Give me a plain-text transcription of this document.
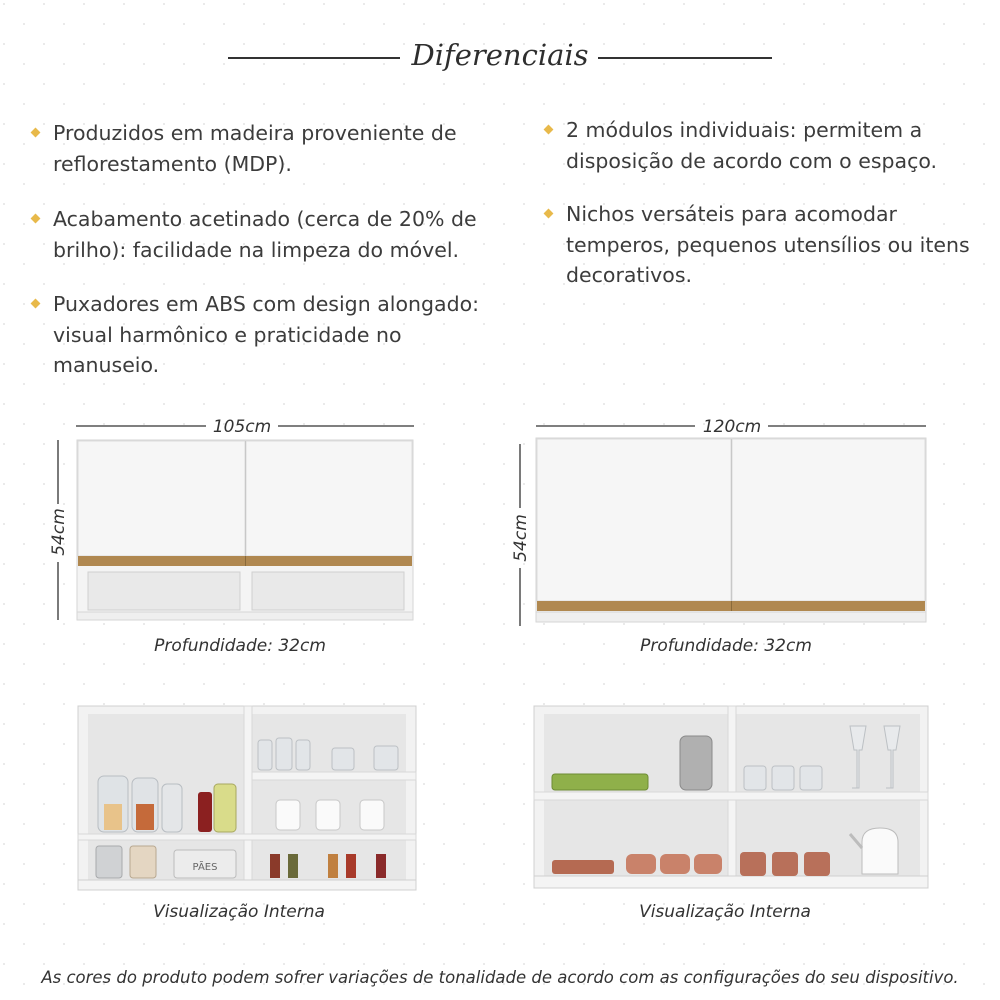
Diferenciais
Produzidos em madeira proveniente de reflorestamento (MDP).
Acabamento acetinado (cerca de 20% de brilho): facilidade na limpeza do móvel.
Puxadores em ABS com design alongado: visual harmônico e praticidade no manuseio.
2 módulos individuais: permitem a disposição de acordo com o espaço.
Nichos versáteis para acomodar temperos, pequenos utensílios ou itens decorativos.
105cm
54cm
Profundidade: 32cm
120cm
54cm
Profundidade: 32cm
PÃES
Visualização Interna	Visualização Interna
As cores do produto podem sofrer variações de tonalidade de acordo com as configurações do seu dispositivo.
